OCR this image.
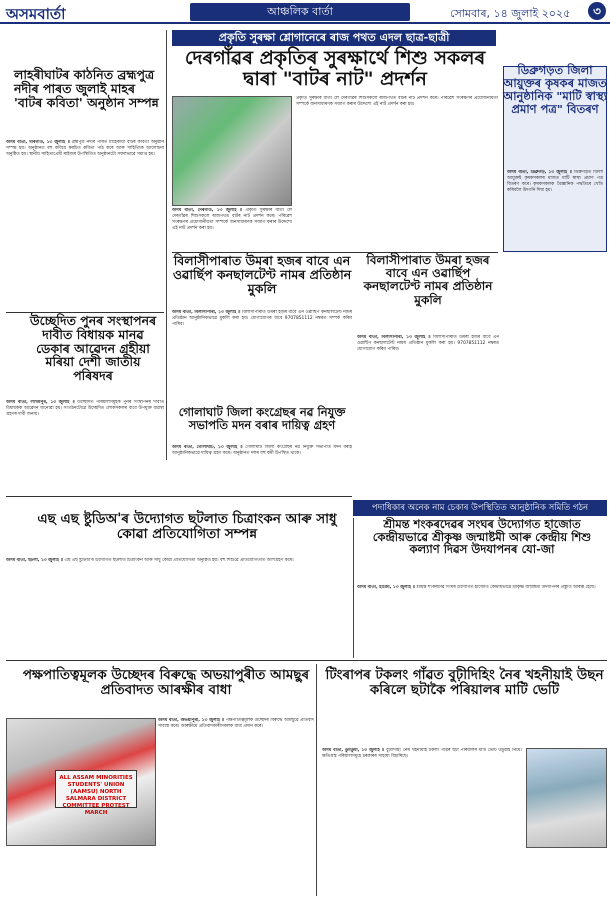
অসমবাৰ্তা	আঞ্চলিক বাৰ্তা	সোমবাৰ, ১৪ জুলাই ২০২৫	৩
লাহৰীঘাটৰ কাঠনিত ব্ৰহ্মপুত্ৰ নদীৰ পাৰত জুলাই মাহৰ 'বাটৰ কবিতা' অনুষ্ঠান সম্পন্ন
অসম বাৰ্তা, মৰিগাঁও, ১৩ জুলাই ॥ ব্ৰহ্মপুত্ৰ নদীৰ পাৰত মাহেকীয়া বাটৰ কবিতা অনুষ্ঠান সম্পন্ন হয়। অনুষ্ঠানত বহু কবিয়ে স্বৰচিত কবিতা পাঠ কৰে আৰু সাহিত্যিক আলোচনা অনুষ্ঠিত হয়। স্থানীয় সাহিত্যপ্ৰেমী ৰাইজৰ উপস্থিতিত অনুষ্ঠানটো সফলভাৱে সমাপ্ত হয়।
উচ্ছেদিত পুনৰ সংস্থাপনৰ দাবীত বিধায়ক মানৱ ডেকাৰ আৱেদন গ্ৰহীয়া মৰিয়া দেশী জাতীয় পৰিষদৰ
অসম বাৰ্তা, লখিমপুৰ, ১৩ জুলাই ॥ উচ্ছেদিত পৰিয়ালসমূহক পুনৰ সংস্থাপনৰ দাবীত বিধায়কক আৱেদন জনোৱা হয়। সংগঠনটোৱে উচ্ছেদিত লোকসকলৰ বাবে উপযুক্ত ব্যৱস্থা গ্ৰহণৰ দাবী জনায়।
প্ৰকৃতি সুৰক্ষা শ্লোগানেৰে ৰাজ পথত এদল ছাত্ৰ-ছাত্ৰী
দেৰগাঁৱৰ প্ৰকৃতিৰ সুৰক্ষাৰ্থে শিশু সকলৰ দ্বাৰা "বাটৰ নাট" প্ৰদৰ্শন
অসম বাৰ্তা, দেৰগাঁও, ১৩ জুলাই ॥ প্ৰকৃতি সুৰক্ষাৰ বাৰ্তা লৈ দেৰগাঁৱৰ শিশুসকলে ৰাজপথত বাটৰ নাট প্ৰদৰ্শন কৰে। পৰিৱেশ সংৰক্ষণৰ প্ৰয়োজনীয়তা সম্পৰ্কে জনসাধাৰণক সজাগ কৰাৰ উদ্দেশ্যে এই নাট প্ৰদৰ্শন কৰা হয়।
প্ৰকৃতি সুৰক্ষাৰ বাৰ্তা লৈ দেৰগাঁৱৰ শিশুসকলে ৰাজপথত বাটৰ নাট প্ৰদৰ্শন কৰে। পৰিৱেশ সংৰক্ষণৰ প্ৰয়োজনীয়তা সম্পৰ্কে জনসাধাৰণক সজাগ কৰাৰ উদ্দেশ্যে এই নাট প্ৰদৰ্শন কৰা হয়।
ডিব্ৰুগড়ত জিলা আয়ুক্তৰ কৃষকৰ মাজত আনুষ্ঠানিক "মাটি স্বাস্থ্য প্ৰমাণ পত্ৰ" বিতৰণ
অসম বাৰ্তা, ডিব্ৰুগড়, ১৩ জুলাই ॥ ডিব্ৰুগড়ত জিলা আয়ুক্তই কৃষকসকলৰ মাজত মাটি স্বাস্থ্য প্ৰমাণ পত্ৰ বিতৰণ কৰে। কৃষকসকলক বৈজ্ঞানিক পদ্ধতিৰে খেতি কৰিবলৈ উদগনি দিয়া হয়।
বিলাসীপাৰাত উমৰা হজৰ বাবে এন ওৱাৰ্ছিপ কনছালটেণ্ট নামৰ প্ৰতিষ্ঠান মুকলি
অসম বাৰ্তা, বিলাসীপাৰা, ১৩ জুলাই ॥ বিলাসীপাৰাত উমৰা হজৰ বাবে এন ওৱাৰ্ছিপ কনছালটেণ্ট নামৰ প্ৰতিষ্ঠান আনুষ্ঠানিকভাৱে মুকলি কৰা হয়। যোগাযোগৰ বাবে 9707851112 নম্বৰত সম্পৰ্ক কৰিব পাৰিব।
বিলাসীপাৰাত উমৰা হজৰ বাবে এন ওৱাৰ্ছিপ কনছালটেণ্ট নামৰ প্ৰতিষ্ঠান মুকলি
অসম বাৰ্তা, বিলাসীপাৰা, ১৩ জুলাই ॥ বিলাসীপাৰাত উমৰা হজৰ বাবে এন ওৱাৰ্ছিপ কনছালটেণ্ট নামৰ প্ৰতিষ্ঠান মুকলি কৰা হয়। 9707851112 নম্বৰত যোগাযোগ কৰিব পাৰিব।
গোলাঘাট জিলা কংগ্ৰেছৰ নৱ নিযুক্ত সভাপতি মদন বৰাৰ দায়িত্ব গ্ৰহণ
অসম বাৰ্তা, গোলাঘাট, ১৩ জুলাই ॥ গোলাঘাট জিলা কংগ্ৰেছৰ নৱ নিযুক্ত সভাপতি মদন বৰাই আনুষ্ঠানিকভাৱে দায়িত্ব গ্ৰহণ কৰে। অনুষ্ঠানত দলৰ বহু কৰ্মী উপস্থিত থাকে।
পদাধিকাৰ অনেক নাম চেকাৰ উপস্থিতিত আনুষ্ঠানিক সমিতি গঠন
শ্ৰীমন্ত শংকৰদেৱৰ সংঘৰ উদ্যোগত হাজোত কেন্দ্ৰীয়ভাৱে শ্ৰীকৃষ্ণ জন্মাষ্টমী আৰু কেন্দ্ৰীয় শিশু কল্যাণ দিৱস উদযাপনৰ যো-জা
অসম বাৰ্তা, হাজো, ১৩ জুলাই ॥ শ্ৰীমন্ত শংকৰদেৱ সংঘৰ উদ্যোগত হাজোত কেন্দ্ৰীয়ভাৱে শ্ৰীকৃষ্ণ জন্মাষ্টমী উদযাপনৰ প্ৰস্তুতি আৰম্ভ হৈছে।
এছ এছ ষ্টুডিঅ'ৰ উদ্যোগত ছটলাত চিত্ৰাংকন আৰু সাধু কোৱা প্ৰতিযোগিতা সম্পন্ন
অসম বাৰ্তা, ছটলা, ১৩ জুলাই ॥ এছ এছ ষ্টুডিঅ'ৰ উদ্যোগত ছটলাত চিত্ৰাংকন আৰু সাধু কোৱা প্ৰতিযোগিতা অনুষ্ঠিত হয়। বহু শিশুৱে প্ৰতিযোগিতাত অংশগ্ৰহণ কৰে।
পক্ষপাতিত্বমূলক উচ্ছেদৰ বিৰুদ্ধে অভয়াপুৰীত আমছুৰ প্ৰতিবাদত আৰক্ষীৰ বাধা
ALL ASSAM MINORITIES STUDENTS' UNION (AAMSU) NORTH SALMARA DISTRICT COMMITTEE PROTEST MARCH
অসম বাৰ্তা, অভয়াপুৰী, ১৩ জুলাই ॥ পক্ষপাতিত্বমূলক উচ্ছেদৰ বিৰুদ্ধে আমছুৱে প্ৰতিবাদ সাব্যস্ত কৰে। আৰক্ষীয়ে প্ৰতিবাদকাৰীসকলক বাধা প্ৰদান কৰে।
টিংৰাপৰ টকলং গাঁৱত বুঢ়ীদিহিং নৈৰ খহনীয়াই উছন কৰিলে ছটাকৈ পৰিয়ালৰ মাটি ভেটি
অসম বাৰ্তা, ডুমডুমা, ১৩ জুলাই ॥ বুঢ়ীদিহিং নৈৰ খহনীয়াই টকলং গাঁৱৰ ছটা পৰিয়ালৰ মাটি ভেটি উটুৱাই নিয়ে। ক্ষতিগ্ৰস্ত পৰিয়ালসমূহে চৰকাৰৰ সাহায্য বিচাৰিছে।
